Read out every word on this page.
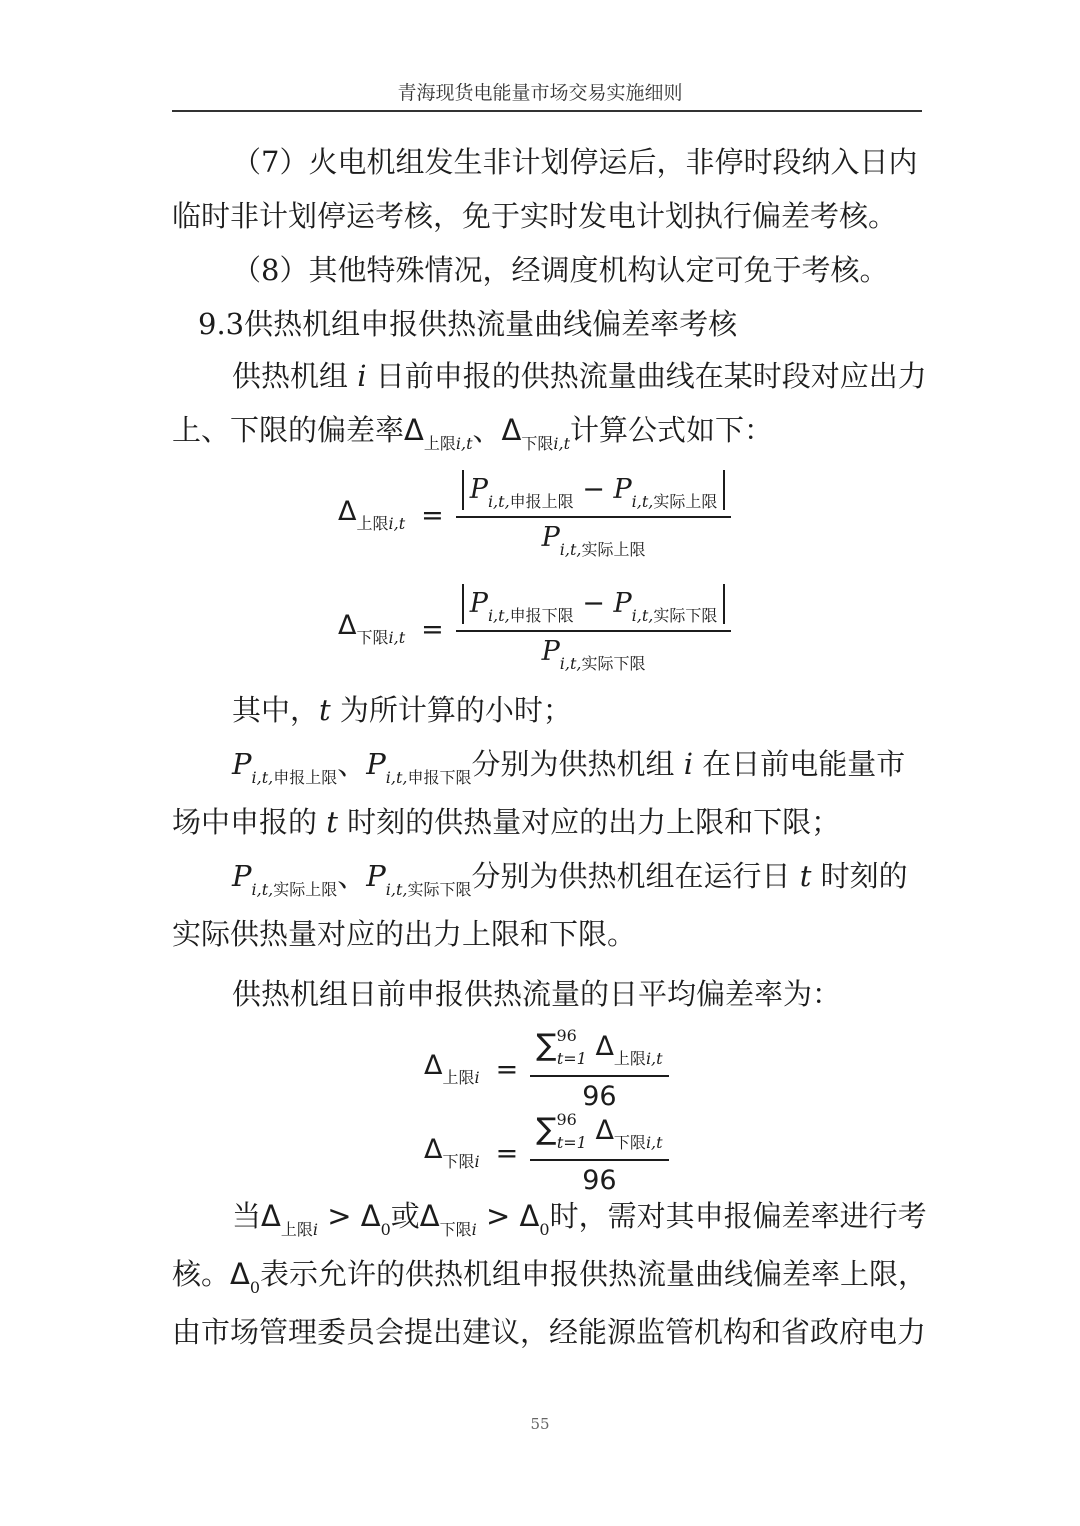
青海现货电能量市场交易实施细则
（7）火电机组发生非计划停运后，非停时段纳入日内
临时非计划停运考核，免于实时发电计划执行偏差考核。
（8）其他特殊情况，经调度机构认定可免于考核。
9.3供热机组申报供热流量曲线偏差率考核
供热机组 i 日前申报的供热流量曲线在某时段对应出力
上、下限的偏差率$\Delta_{上限i,t}$、$\Delta_{下限i,t}$计算公式如下：
$\Delta_{上限i,t} = \frac{P_{i,t,申报上限} - P_{i,t,实际上限}}{P_{i,t,实际上限}}$
$\Delta_{下限i,t} = \frac{P_{i,t,申报下限} - P_{i,t,实际下限}}{P_{i,t,实际下限}}$
其中，t 为所计算的小时；
$P_{i,t,申报上限}$、$P_{i,t,申报下限}$分别为供热机组 i 在日前电能量市
场中申报的 t 时刻的供热量对应的出力上限和下限；
$P_{i,t,实际上限}$、$P_{i,t,实际下限}$分别为供热机组在运行日 t 时刻的
实际供热量对应的出力上限和下限。
供热机组日前申报供热流量的日平均偏差率为：
$\Delta_{上限i} = \frac{\sum^{96}_{t=1} \Delta_{上限i,t}}{96}$
$\Delta_{下限i} = \frac{\sum^{96}_{t=1} \Delta_{下限i,t}}{96}$
当$\Delta_{上限i} > \Delta_0$或$\Delta_{下限i} > \Delta_0$时，需对其申报偏差率进行考
核。$\Delta_0$表示允许的供热机组申报供热流量曲线偏差率上限，
由市场管理委员会提出建议，经能源监管机构和省政府电力
55
